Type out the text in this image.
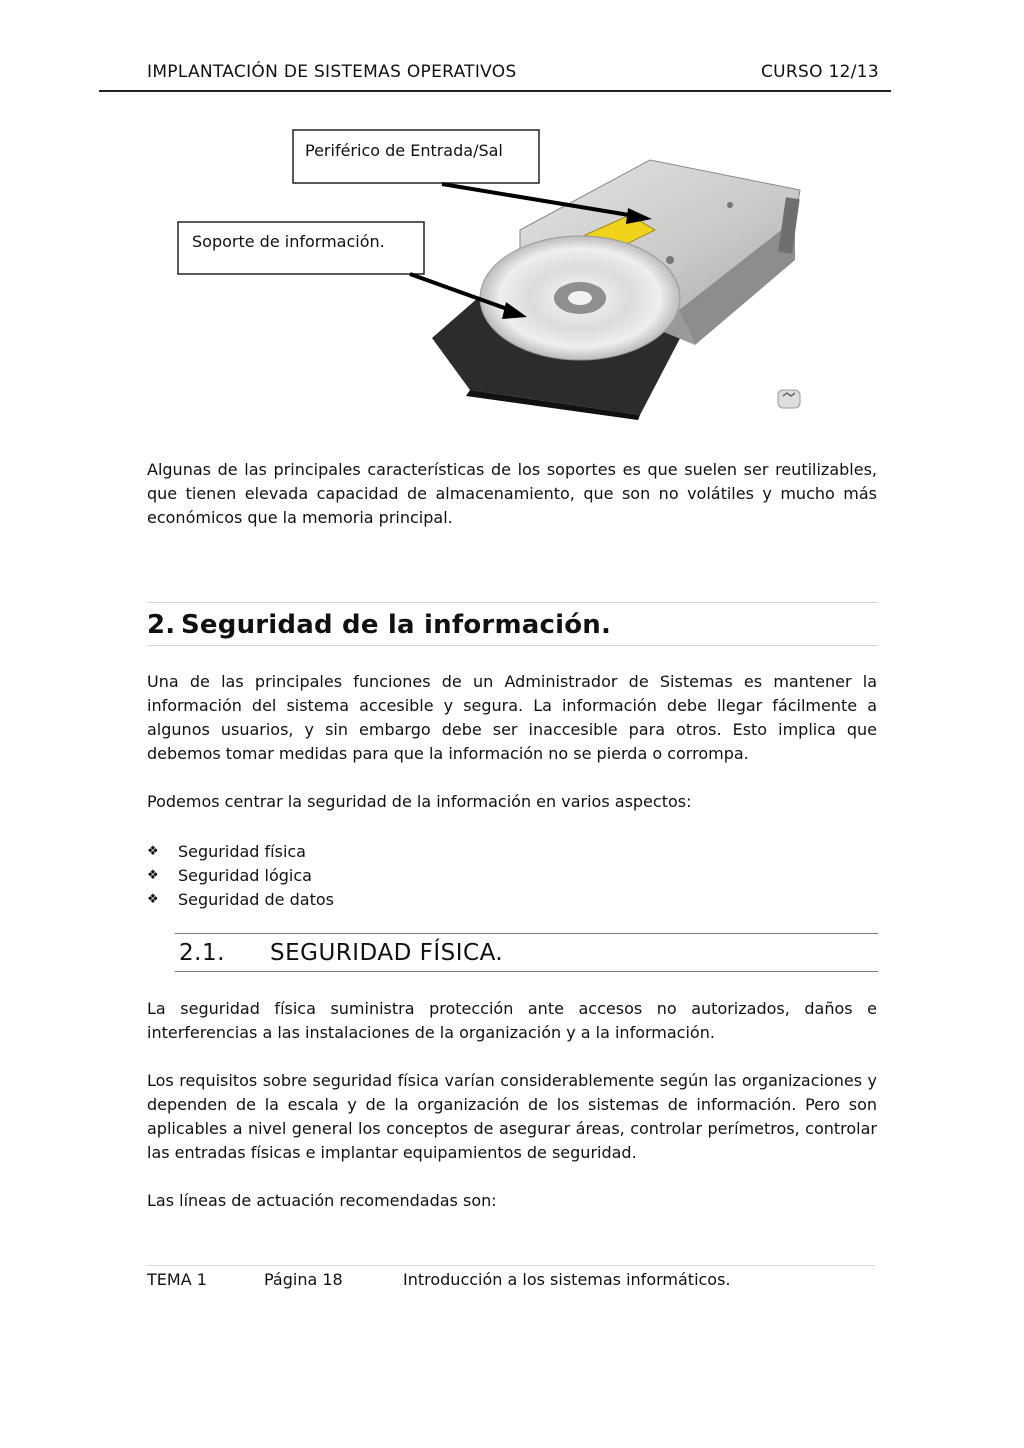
IMPLANTACIÓN DE SISTEMAS OPERATIVOS	CURSO 12/13
Periférico de Entrada/Sal
Soporte de información.
Algunas de las principales características de los soportes es que suelen ser reutilizables, que tienen elevada capacidad de almacenamiento, que son no volátiles y mucho más económicos que la memoria principal.
2. Seguridad de la información.
Una de las principales funciones de un Administrador de Sistemas es mantener la información del sistema accesible y segura. La información debe llegar fácilmente a algunos usuarios, y sin embargo debe ser inaccesible para otros. Esto implica que debemos tomar medidas para que la información no se pierda o corrompa.
Podemos centrar la seguridad de la información en varios aspectos:
❖	Seguridad física
❖	Seguridad lógica
❖	Seguridad de datos
2.1. SEGURIDAD FÍSICA.
La seguridad física suministra protección ante accesos no autorizados, daños e interferencias a las instalaciones de la organización y a la información.
Los requisitos sobre seguridad física varían considerablemente según las organizaciones y dependen de la escala y de la organización de los sistemas de información. Pero son aplicables a nivel general los conceptos de asegurar áreas, controlar perímetros, controlar las entradas físicas e implantar equipamientos de seguridad.
Las líneas de actuación recomendadas son:
TEMA 1	Página 18	Introducción a los sistemas informáticos.
